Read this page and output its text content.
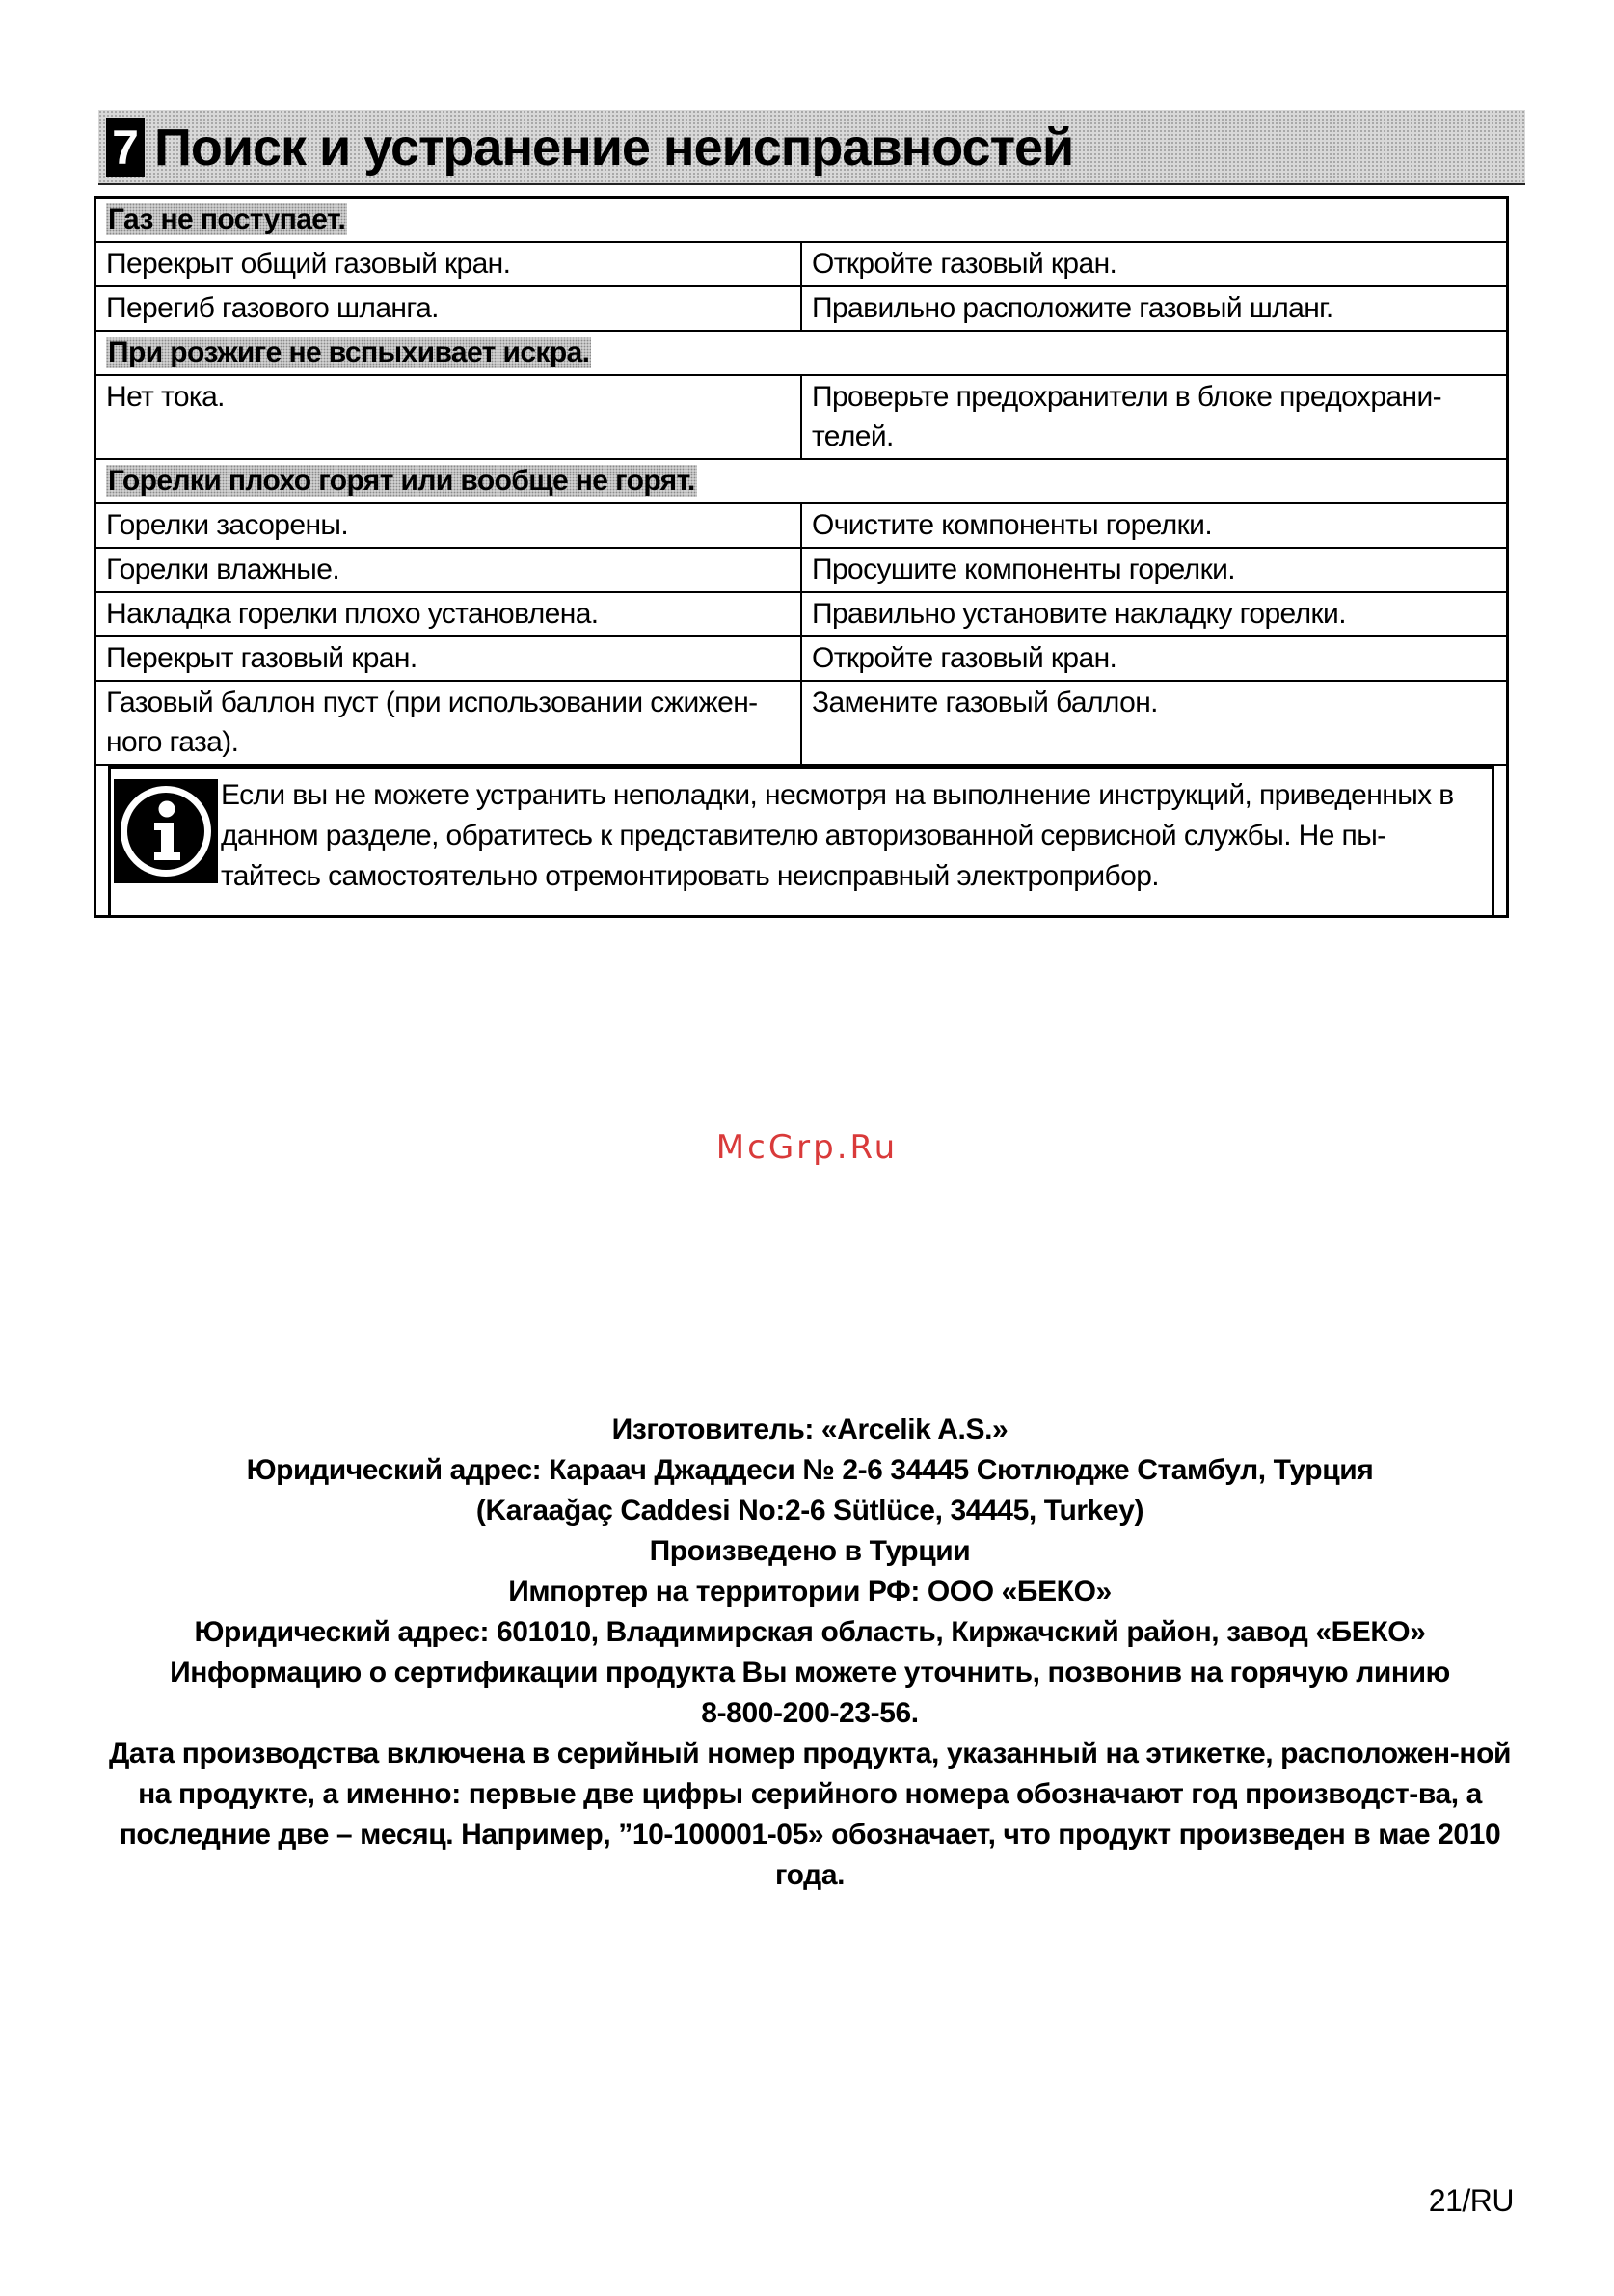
7 Поиск и устранение неисправностей
Газ не поступает.	
Перекрыт общий газовый кран.	Откройте газовый кран.
Перегиб газового шланга.	Правильно расположите газовый шланг.
При розжиге не вспыхивает искра.	
Нет тока.	Проверьте предохранители в блоке предохрани-телей.
Горелки плохо горят или вообще не горят.	
Горелки засорены.	Очистите компоненты горелки.
Горелки влажные.	Просушите компоненты горелки.
Накладка горелки плохо установлена.	Правильно установите накладку горелки.
Перекрыт газовый кран.	Откройте газовый кран.
Газовый баллон пуст (при использовании сжижен-ного газа).	Замените газовый баллон.
Если вы не можете устранить неполадки, несмотря на выполнение инструкций, приведенных в данном разделе, обратитесь к представителю авторизованной сервисной службы. Не пы-тайтесь самостоятельно отремонтировать неисправный электроприбор.
McGrp.Ru

Изготовитель: «Arcelik A.S.»

Юридический адрес: Караач Джаддеси № 2-6 34445 Сютлюдже Стамбул, Турция

(Karaağaç Caddesi No:2-6 Sütlüce, 34445, Turkey)

Произведено в Турции

Импортер на территории РФ: ООО «БЕКО»

Юридический адрес: 601010, Владимирская область, Киржачский район, завод «БЕКО»

Информацию о сертификации продукта Вы можете уточнить, позвонив на горячую линию

8-800-200-23-56.

Дата производства включена в серийный номер продукта, указанный на этикетке, расположен-ной на продукте, а именно: первые две цифры серийного номера обозначают год производст-ва, а последние две – месяц. Например, ”10-100001-05» обозначает, что продукт произведен в мае 2010 года.

21/RU
